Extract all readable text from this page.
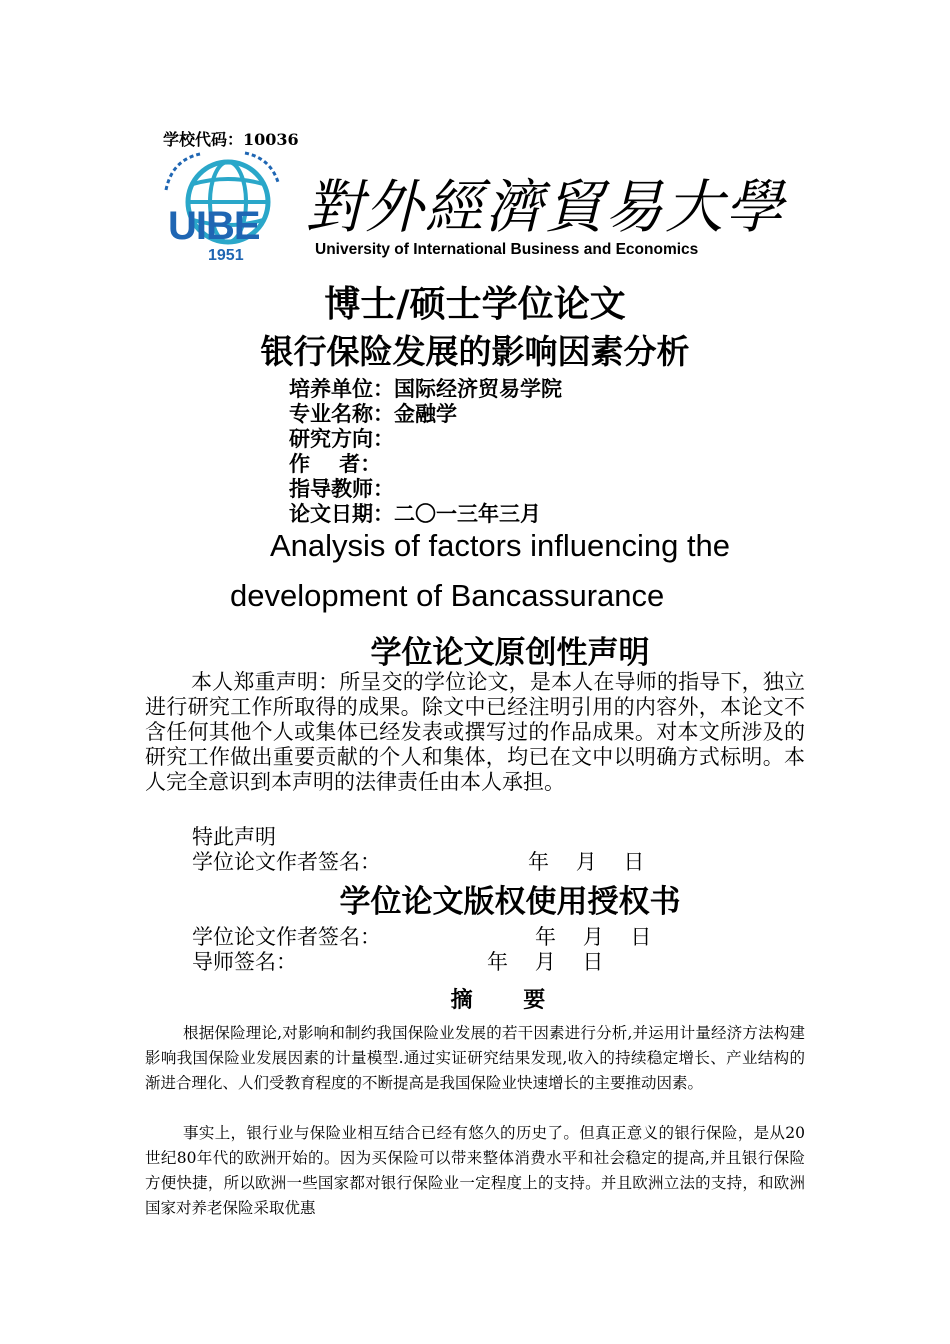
学校代码：10036
UIBE
1951
對外經濟貿易大學
University of International Business and Economics
博士/硕士学位论文
银行保险发展的影响因素分析
培养单位：国际经济贸易学院
专业名称：金融学
研究方向：
作    者：
指导教师：
论文日期：二〇一三年三月
Analysis of factors influencing the
development of Bancassurance
学位论文原创性声明
本人郑重声明：所呈交的学位论文，是本人在导师的指导下，独立进行研究工作所取得的成果。除文中已经注明引用的内容外，本论文不含任何其他个人或集体已经发表或撰写过的作品成果。对本文所涉及的研究工作做出重要贡献的个人和集体，均已在文中以明确方式标明。本人完全意识到本声明的法律责任由本人承担。
特此声明
学位论文作者签名：	年    月    日
学位论文版权使用授权书
学位论文作者签名：	年    月    日
导师签名：	年    月    日
摘    要
根据保险理论,对影响和制约我国保险业发展的若干因素进行分析,并运用计量经济方法构建影响我国保险业发展因素的计量模型.通过实证研究结果发现,收入的持续稳定增长、产业结构的渐进合理化、人们受教育程度的不断提高是我国保险业快速增长的主要推动因素。
事实上，银行业与保险业相互结合已经有悠久的历史了。但真正意义的银行保险，是从20世纪80年代的欧洲开始的。因为买保险可以带来整体消费水平和社会稳定的提高,并且银行保险方便快捷，所以欧洲一些国家都对银行保险业一定程度上的支持。并且欧洲立法的支持，和欧洲国家对养老保险采取优惠
